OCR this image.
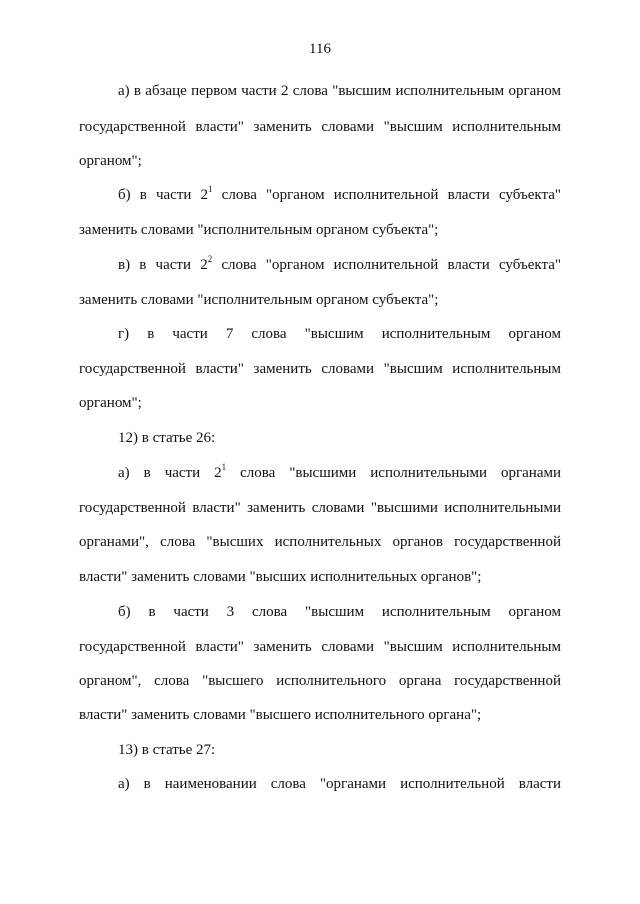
116
а) в абзаце первом части 2 слова "высшим исполнительным органом
государственной власти" заменить словами "высшим исполнительным
органом";
б) в части $2^1$ слова "органом исполнительной власти субъекта"
заменить словами "исполнительным органом субъекта";
в) в части $2^2$ слова "органом исполнительной власти субъекта"
заменить словами "исполнительным органом субъекта";
г) в части 7 слова "высшим исполнительным органом
государственной власти" заменить словами "высшим исполнительным
органом";
12) в статье 26:
а) в части $2^1$ слова "высшими исполнительными органами
государственной власти" заменить словами "высшими исполнительными
органами", слова "высших исполнительных органов государственной
власти" заменить словами "высших исполнительных органов";
б) в части 3 слова "высшим исполнительным органом
государственной власти" заменить словами "высшим исполнительным
органом", слова "высшего исполнительного органа государственной
власти" заменить словами "высшего исполнительного органа";
13) в статье 27:
а) в наименовании слова "органами исполнительной власти
